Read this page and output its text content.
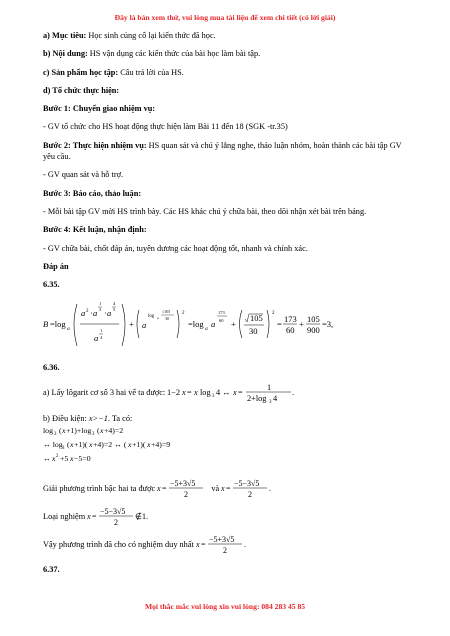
Đây là bản xem thử, vui lòng mua tài liệu để xem chi tiết (có lời giải)

a) Mục tiêu: Học sinh củng cố lại kiến thức đã học.

b) Nội dung: HS vận dụng các kiến thức của bài học làm bài tập.

c) Sản phẩm học tập: Câu trả lời của HS.

d) Tổ chức thực hiện:

Bước 1: Chuyển giao nhiệm vụ:

- GV tổ chức cho HS hoạt động thực hiện làm Bài 11 đến 18 (SGK -tr.35)

Bước 2: Thực hiện nhiệm vụ: HS quan sát và chú ý lắng nghe, thảo luận nhóm, hoàn thành các bài tập GV yêu cầu.

- GV quan sát và hỗ trợ.

Bước 3: Báo cáo, thảo luận:

- Mỗi bài tập GV mời HS trình bày. Các HS khác chú ý chữa bài, theo dõi nhận xét bài trên bảng.

Bước 4: Kết luận, nhận định:

- GV chữa bài, chốt đáp án, tuyên dương các hoạt động tốt, nhanh và chính xác.

Đáp án

6.35.

B =log a
a 2 · a
1
3 · a
4
5
a
1
4
+ a
log a
√105
30
2
=log a a
173
60 +
105
30
2
= 173
60
+ 105
900
=3,

6.36.

a) Lấy lôgarit cơ số 3 hai vế ta được: 1−2 x = x log 3 4 ↔ x =
1
2+log 3 4
.

b) Điều kiện: x>−1. Ta có:

log 3 ( x +1)+log 3 ( x +4)=2
↔ log 3 ( x +1)( x +4)=2 ↔ ( x +1)( x +4)=9
↔ x 2 +5 x −5=0

Giải phương trình bậc hai ta được x =
−5+3√5
2
và x =
−5−3√5
2
.

Loại nghiệm x =
−5−3√5
2
∉1.

Vậy phương trình đã cho có nghiệm duy nhất x =
−5+3√5
2
.

6.37.

Mọi thắc mắc vui lòng xin vui lòng: 084 283 45 85
